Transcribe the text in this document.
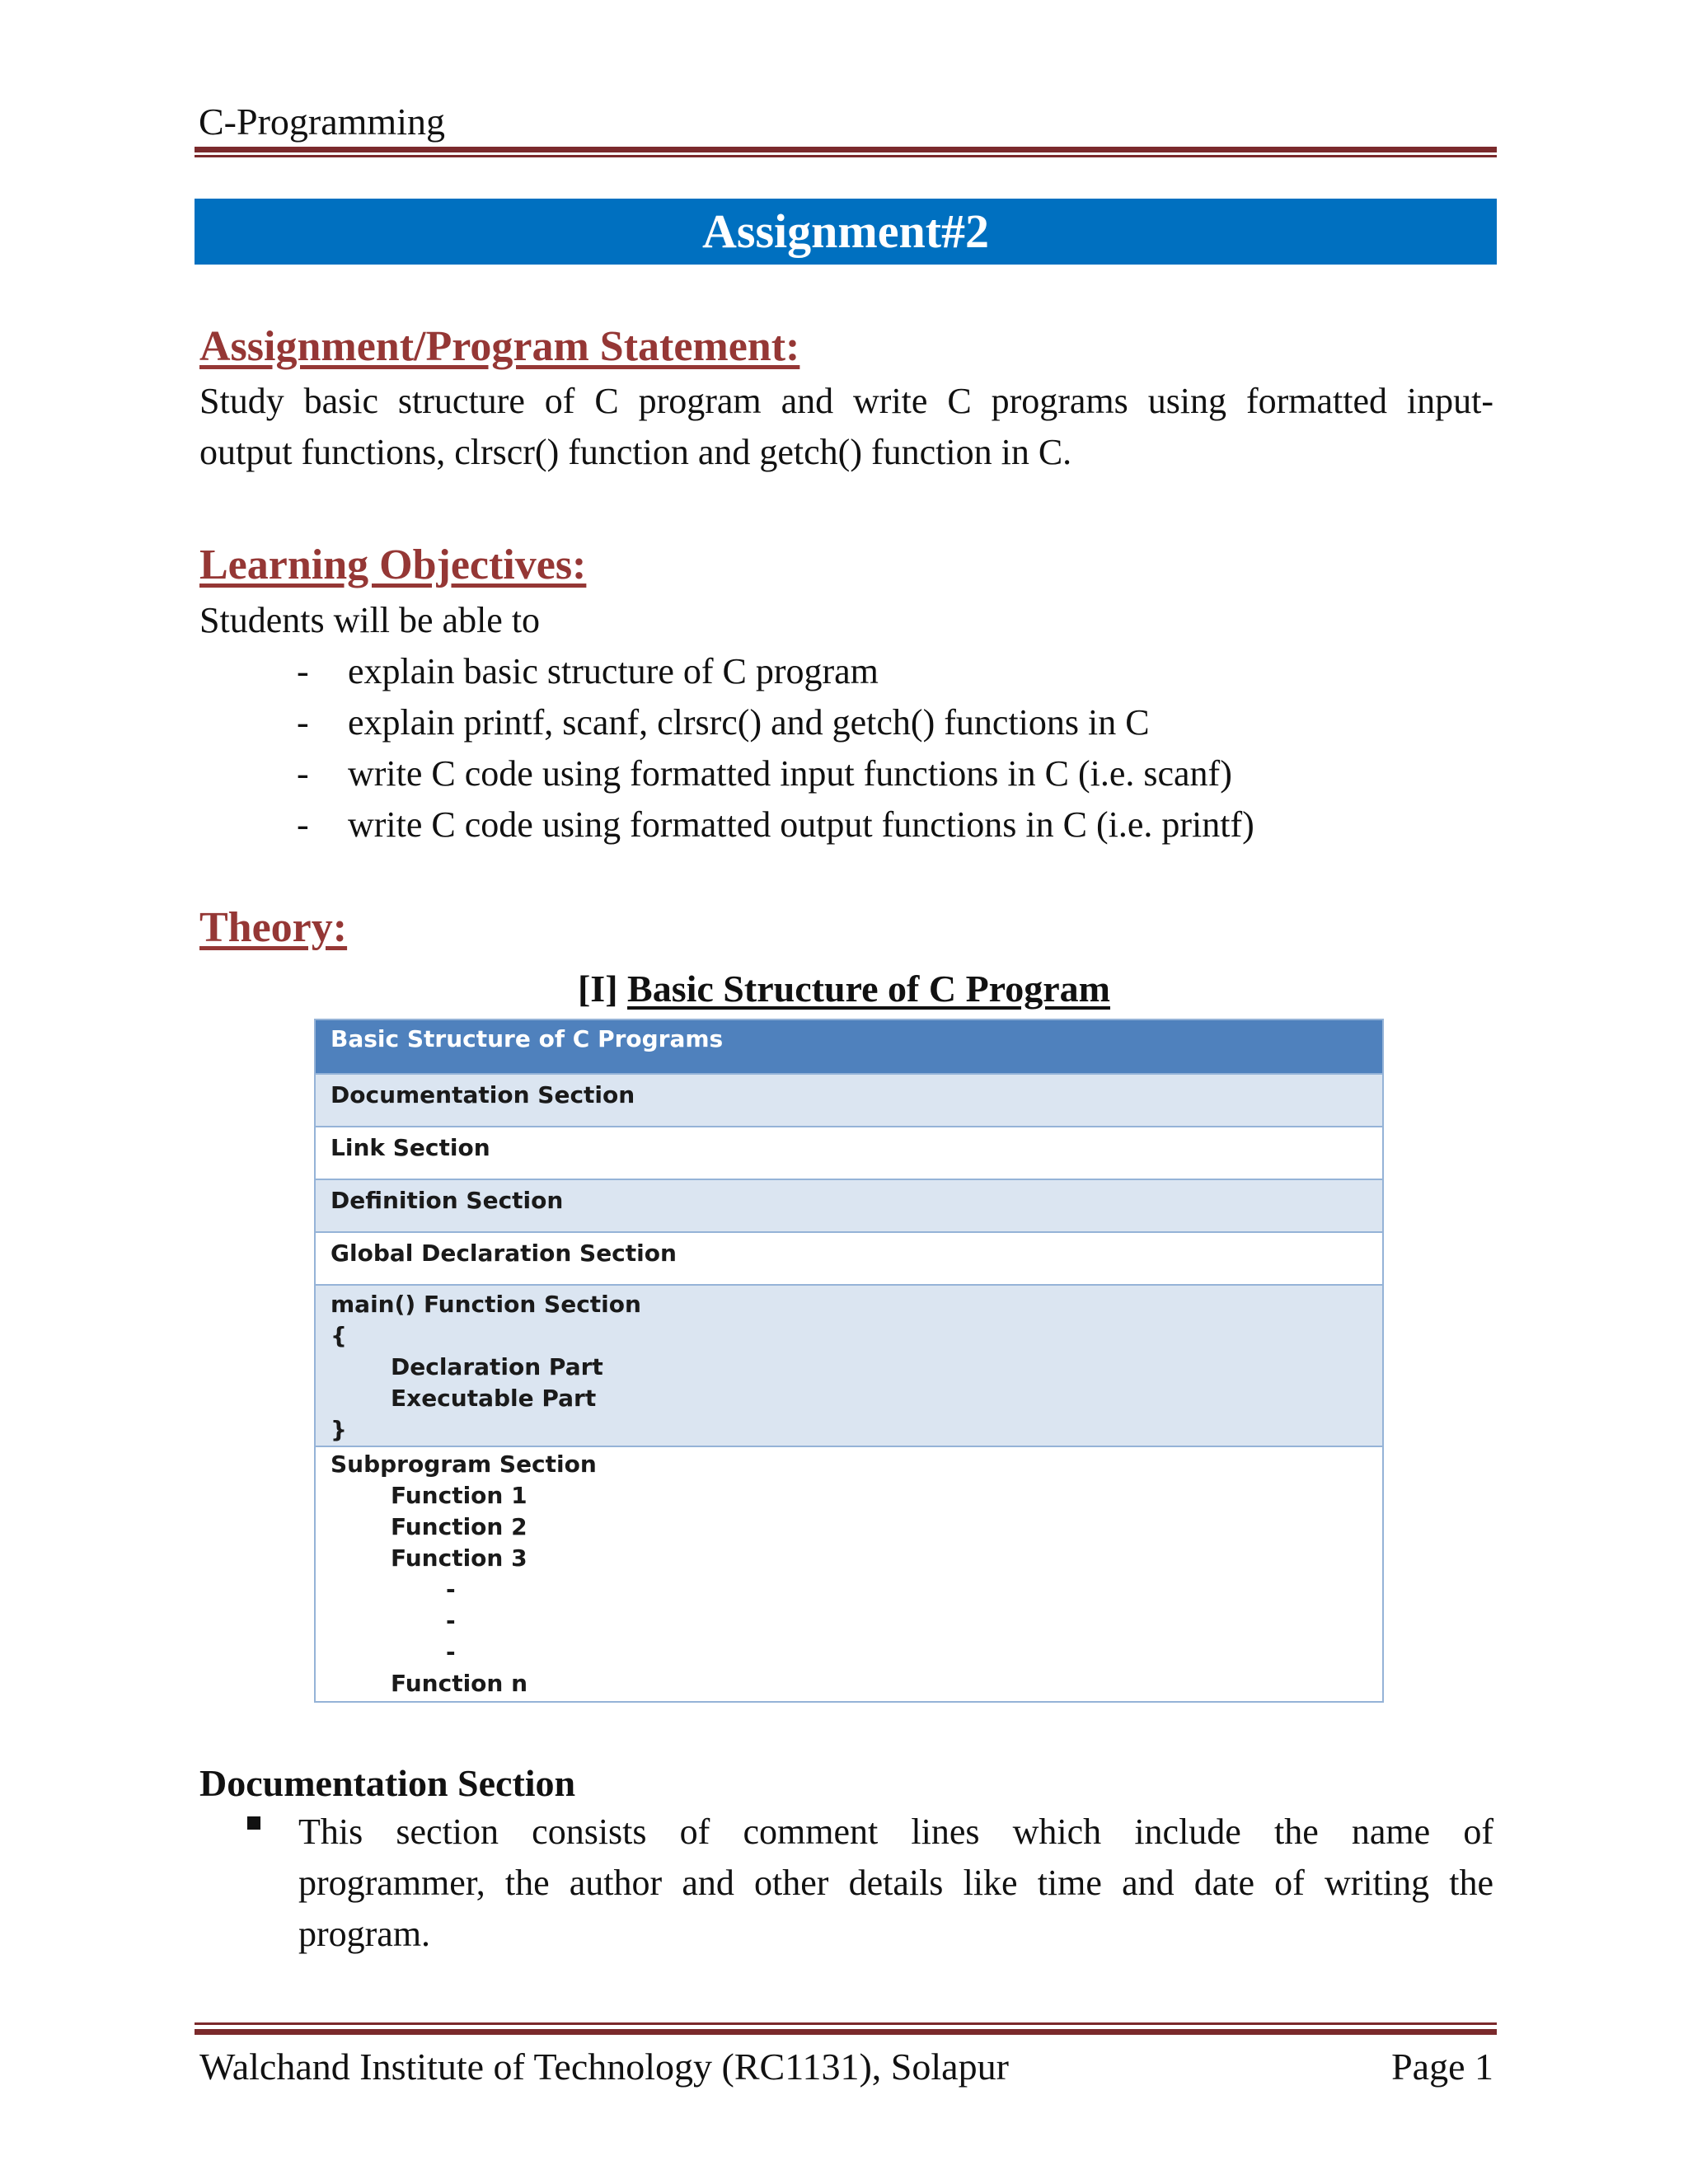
C-Programming
Assignment#2
Assignment/Program Statement:
Study basic structure of C program and write C programs using formatted input-
output functions, clrscr() function and getch() function in C.
Learning Objectives:
Students will be able to
- explain basic structure of C program
- explain printf, scanf, clrsrc() and getch() functions in C
- write C code using formatted input functions in C (i.e. scanf)
- write C code using formatted output functions in C (i.e. printf)
Theory:
[I] Basic Structure of C Program
Basic Structure of C Programs
Documentation Section
Link Section
Definition Section
Global Declaration Section
main() Function Section
{
Declaration Part
Executable Part
}
Subprogram Section
Function 1
Function 2
Function 3
-
-
-
Function n
Documentation Section
This section consists of comment lines which include the name of
programmer, the author and other details like time and date of writing the
program.
Walchand Institute of Technology (RC1131), Solapur	Page 1
